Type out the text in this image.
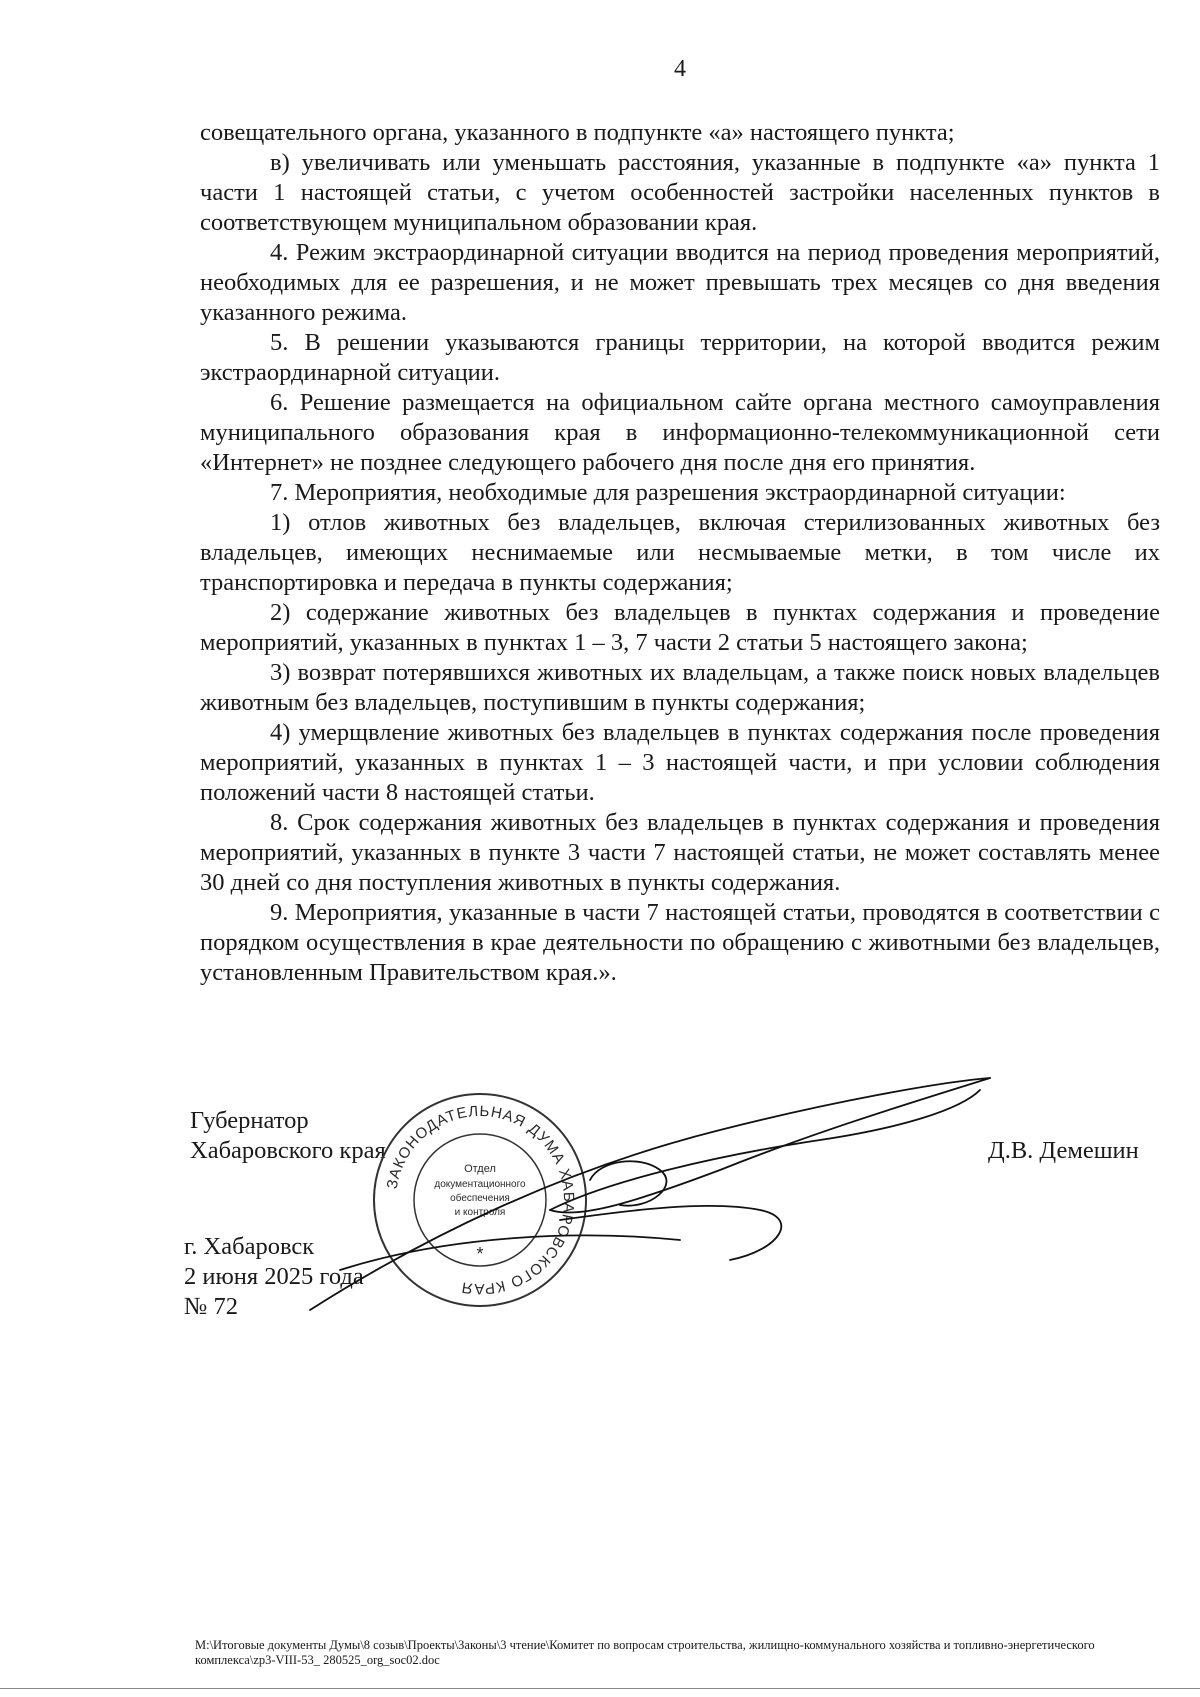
4

совещательного органа, указанного в подпункте «а» настоящего пункта;

в) увеличивать или уменьшать расстояния, указанные в подпункте «а» пункта 1 части 1 настоящей статьи, с учетом особенностей застройки населенных пунктов в соответствующем муниципальном образовании края.

4. Режим экстраординарной ситуации вводится на период проведения мероприятий, необходимых для ее разрешения, и не может превышать трех месяцев со дня введения указанного режима.

5. В решении указываются границы территории, на которой вводится режим экстраординарной ситуации.

6. Решение размещается на официальном сайте органа местного самоуправления муниципального образования края в информационно-телекоммуникационной сети «Интернет» не позднее следующего рабочего дня после дня его принятия.

7. Мероприятия, необходимые для разрешения экстраординарной ситуации:

1) отлов животных без владельцев, включая стерилизованных животных без владельцев, имеющих неснимаемые или несмываемые метки, в том числе их транспортировка и передача в пункты содержания;

2) содержание животных без владельцев в пунктах содержания и проведение мероприятий, указанных в пунктах 1 – 3, 7 части 2 статьи 5 настоящего закона;

3) возврат потерявшихся животных их владельцам, а также поиск новых владельцев животным без владельцев, поступившим в пункты содержания;

4) умерщвление животных без владельцев в пунктах содержания после проведения мероприятий, указанных в пунктах 1 – 3 настоящей части, и при условии соблюдения положений части 8 настоящей статьи.

8. Срок содержания животных без владельцев в пунктах содержания и проведения мероприятий, указанных в пункте 3 части 7 настоящей статьи, не может составлять менее 30 дней со дня поступления животных в пункты содержания.

9. Мероприятия, указанные в части 7 настоящей статьи, проводятся в соответствии с порядком осуществления в крае деятельности по обращению с животными без владельцев, установленным Правительством края.».

Губернатор
Хабаровского края	Д.В. Демешин
г. Хабаровск
2 июня 2025 года
№ 72
ЗАКОНОДАТЕЛЬНАЯ ДУМА ХАБАРОВСКОГО КРАЯ
Отдел
документационного
обеспечения
и контроля
*
M:\Итоговые документы Думы\8 созыв\Проекты\Законы\3 чтение\Комитет по вопросам строительства, жилищно-коммунального хозяйства и топливно-энергетического комплекса\zp3-VIII-53_ 280525_org_soc02.doc
